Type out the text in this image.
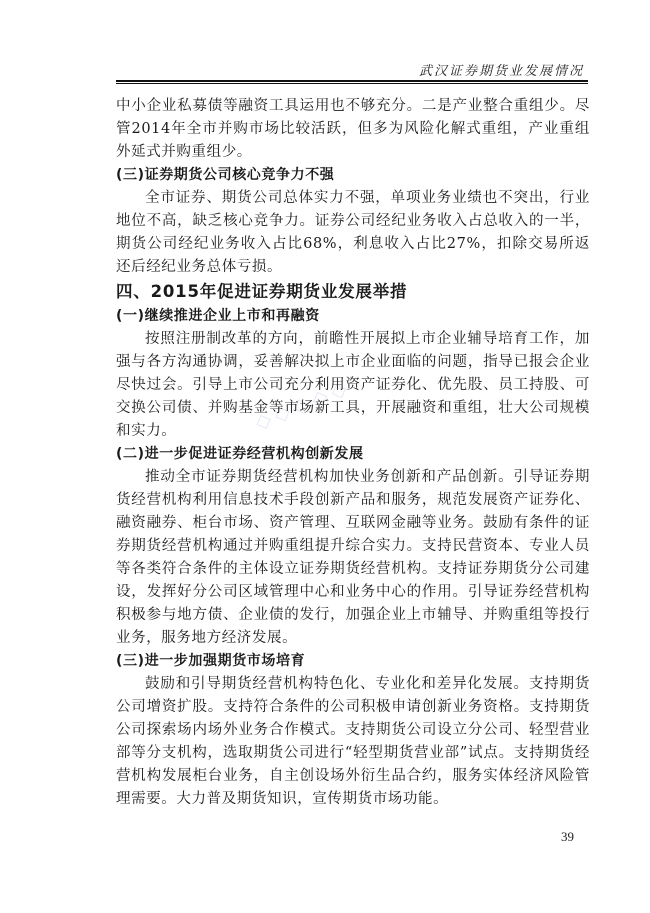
武汉证券期货业发展情况
◇◇◇◇◇

中小企业私募债等融资工具运用也不够充分。二是产业整合重组少。尽管2014年全市并购市场比较活跃，但多为风险化解式重组，产业重组外延式并购重组少。

(三)证券期货公司核心竞争力不强

全市证券、期货公司总体实力不强，单项业务业绩也不突出，行业地位不高，缺乏核心竞争力。证券公司经纪业务收入占总收入的一半，期货公司经纪业务收入占比68%，利息收入占比27%，扣除交易所返还后经纪业务总体亏损。

四、2015年促进证券期货业发展举措

(一)继续推进企业上市和再融资

按照注册制改革的方向，前瞻性开展拟上市企业辅导培育工作，加强与各方沟通协调，妥善解决拟上市企业面临的问题，指导已报会企业尽快过会。引导上市公司充分利用资产证券化、优先股、员工持股、可交换公司债、并购基金等市场新工具，开展融资和重组，壮大公司规模和实力。

(二)进一步促进证券经营机构创新发展

推动全市证券期货经营机构加快业务创新和产品创新。引导证券期货经营机构利用信息技术手段创新产品和服务，规范发展资产证券化、融资融券、柜台市场、资产管理、互联网金融等业务。鼓励有条件的证券期货经营机构通过并购重组提升综合实力。支持民营资本、专业人员等各类符合条件的主体设立证券期货经营机构。支持证券期货分公司建设，发挥好分公司区域管理中心和业务中心的作用。引导证券经营机构积极参与地方债、企业债的发行，加强企业上市辅导、并购重组等投行业务，服务地方经济发展。

(三)进一步加强期货市场培育

鼓励和引导期货经营机构特色化、专业化和差异化发展。支持期货公司增资扩股。支持符合条件的公司积极申请创新业务资格。支持期货公司探索场内场外业务合作模式。支持期货公司设立分公司、轻型营业部等分支机构，选取期货公司进行“轻型期货营业部”试点。支持期货经营机构发展柜台业务，自主创设场外衍生品合约，服务实体经济风险管理需要。大力普及期货知识，宣传期货市场功能。

39
